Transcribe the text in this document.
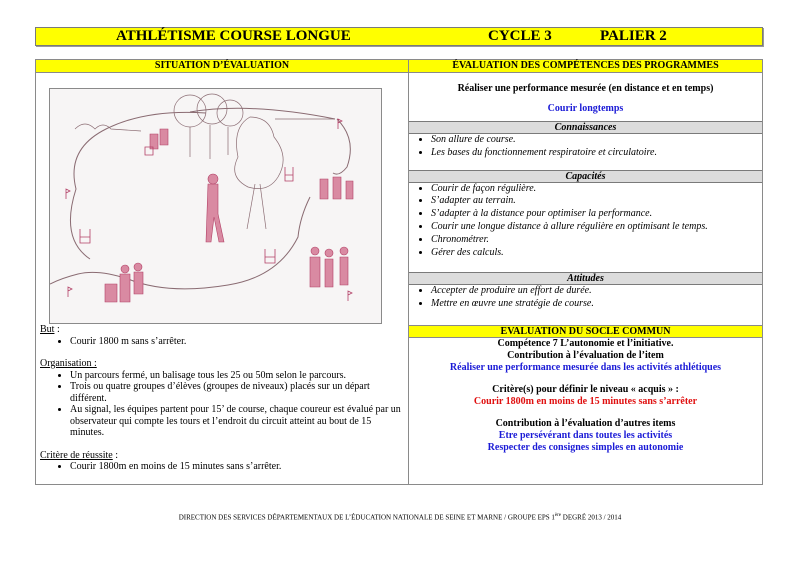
ATHLÉTISME COURSE LONGUE	CYCLE 3	PALIER 2
SITUATION D’ÉVALUATION	ÉVALUATION DES COMPÉTENCES DES PROGRAMMES
But :
• Courir 1800 m sans s’arrêter.
Organisation :
• Un parcours fermé, un balisage tous les 25 ou 50m selon le parcours.
• Trois ou quatre groupes d’élèves (groupes de niveaux) placés sur un départ différent.
• Au signal, les équipes partent pour 15’ de course, chaque coureur est évalué par un observateur qui compte les tours et l’endroit du circuit atteint au bout de 15 minutes.
Critère de réussite :
• Courir 1800m en moins de 15 minutes sans s’arrêter.
Réaliser une performance mesurée (en distance et en temps)
Courir longtemps
Connaissances
• Son allure de course.
• Les bases du fonctionnement respiratoire et circulatoire.
Capacités
• Courir de façon régulière.
• S’adapter au terrain.
• S’adapter à la distance pour optimiser la performance.
• Courir une longue distance à allure régulière en optimisant le temps.
• Chronométrer.
• Gérer des calculs.
Attitudes
• Accepter de produire un effort de durée.
• Mettre en œuvre une stratégie de course.
EVALUATION DU SOCLE COMMUN
Compétence 7 L’autonomie et l’initiative.
Contribution à l’évaluation de l’item
Réaliser une performance mesurée dans les activités athlétiques
Critère(s) pour définir le niveau « acquis » :
Courir 1800m en moins de 15 minutes sans s’arrêter
Contribution à l’évaluation d’autres items
Etre persévérant dans toutes les activités
Respecter des consignes simples en autonomie
DIRECTION DES SERVICES DÉPARTEMENTAUX DE L’ÉDUCATION NATIONALE DE SEINE ET MARNE / GROUPE EPS 1ère DEGRÉ 2013 / 2014
